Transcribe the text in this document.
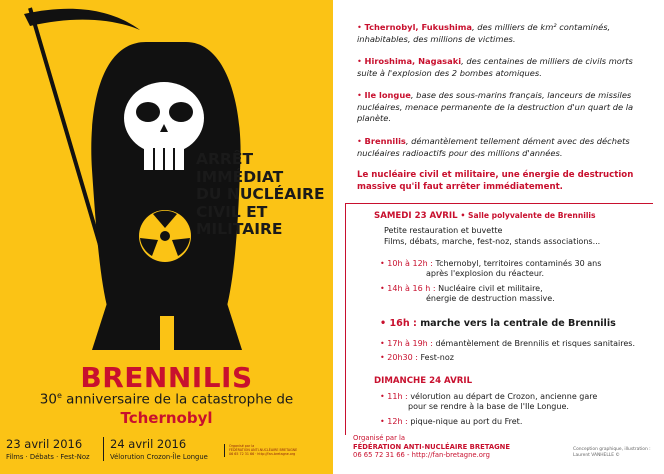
ARRÊT
IMMÉDIAT
DU NUCLÉAIRE
CIVIL ET
MILITAIRE
BRENNILIS
30e anniversaire de la catastrophe de
Tchernobyl
23 avril 2016
Films · Débats · Fest-Noz
24 avril 2016
Vélorution Crozon-Île Longue
Organisé par la
FÉDÉRATION ANTI-NUCLÉAIRE BRETAGNE
06 65 72 31 66 · http://fan-bretagne.org
• Tchernobyl, Fukushima, des milliers de km² contaminés, inhabitables, des millions de victimes.
• Hiroshima, Nagasaki, des centaines de milliers de civils morts suite à l'explosion des 2 bombes atomiques.
• Ile longue, base des sous-marins français, lanceurs de missiles nucléaires, menace permanente de la destruction d'un quart de la planète.
• Brennilis, démantèlement tellement dément avec des déchets nucléaires radioactifs pour des millions d'années.
Le nucléaire civil et militaire, une énergie de destruction massive qu'il faut arrêter immédiatement.
SAMEDI 23 AVRIL • Salle polyvalente de Brennilis
Petite restauration et buvette
Films, débats, marche, fest-noz, stands associations...
• 10h à 12h : Tchernobyl, territoires contaminés 30 ans
après l'explosion du réacteur.
• 14h à 16 h : Nucléaire civil et militaire,
énergie de destruction massive.
• 16h : marche vers la centrale de Brennilis
• 17h à 19h : démantèlement de Brennilis et risques sanitaires.
• 20h30 : Fest-noz
DIMANCHE 24 AVRIL
• 11h : vélorution au départ de Crozon, ancienne gare
pour se rendre à la base de l'Ile Longue.
• 12h : pique-nique au port du Fret.
Organisé par la
FÉDÉRATION ANTI-NUCLÉAIRE BRETAGNE
06 65 72 31 66 - http://fan-bretagne.org
Conception graphique, illustration :
Laurent VANHELLE ©
